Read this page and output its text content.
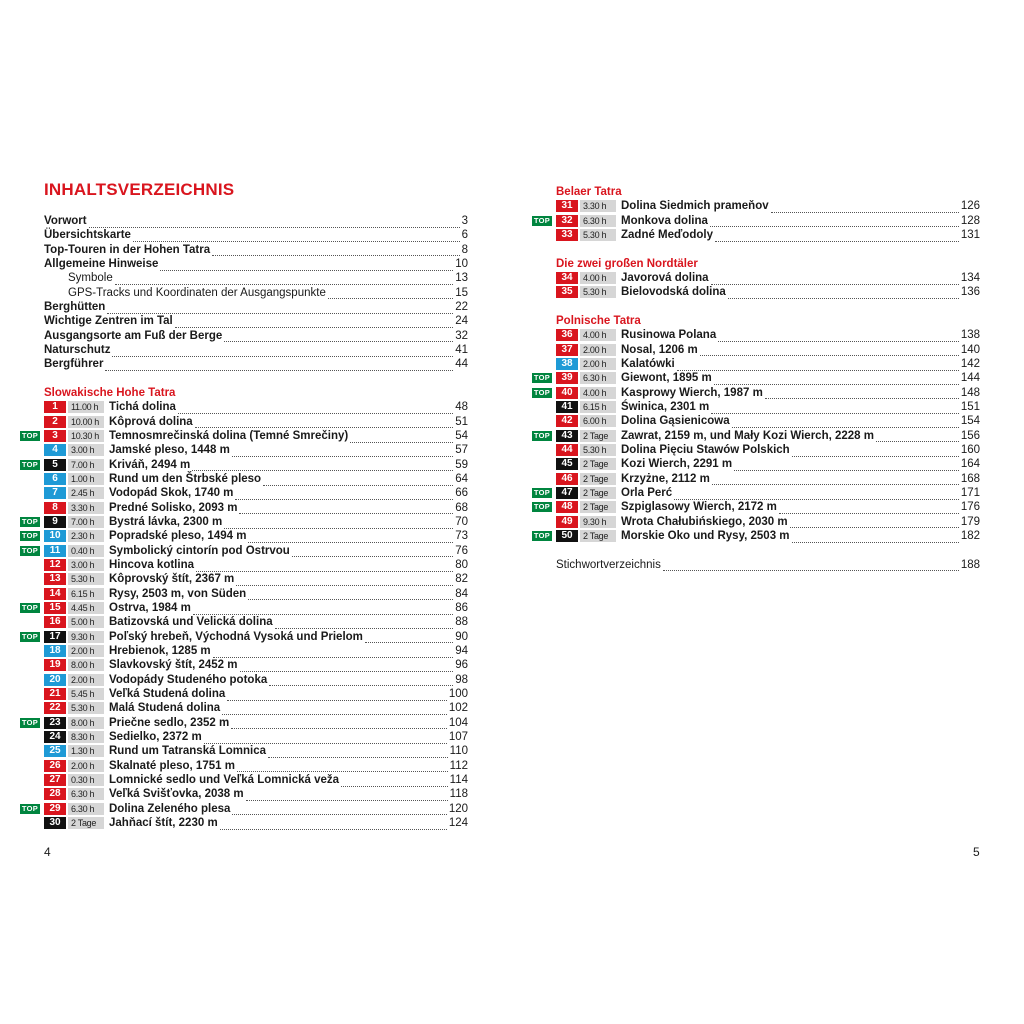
INHALTSVERZEICHNIS
Vorwort	3
Übersichtskarte	6
Top-Touren in der Hohen Tatra	8
Allgemeine Hinweise	10
Symbole	13
GPS-Tracks und Koordinaten der Ausgangspunkte	15
Berghütten	22
Wichtige Zentren im Tal	24
Ausgangsorte am Fuß der Berge	32
Naturschutz	41
Bergführer	44
Slowakische Hohe Tatra
1	11.00 h Tichá dolina	48
2	10.00 h Kôprová dolina	51
TOP	3	10.30 h Temnosmrečinská dolina (Temné Smrečiny)	54
4	3.00 h	Jamské pleso, 1448 m	57
TOP	5	7.00 h	Kriváň, 2494 m	59
6	1.00 h	Rund um den Štrbské pleso	64
7	2.45 h	Vodopád Skok, 1740 m	66
8	3.30 h	Predné Solisko, 2093 m	68
TOP	9	7.00 h	Bystrá lávka, 2300 m	70
TOP	10	2.30 h	Popradské pleso, 1494 m	73
TOP	11	0.40 h	Symbolický cintorín pod Ostrvou	76
12	3.00 h	Hincova kotlina	80
13	5.30 h	Kôprovský štít, 2367 m	82
14	6.15 h	Rysy, 2503 m, von Süden	84
TOP	15	4.45 h	Ostrva, 1984 m	86
16	5.00 h	Batizovská und Velická dolina	88
TOP	17	9.30 h	Poľský hrebeň, Východná Vysoká und Prielom	90
18	2.00 h	Hrebienok, 1285 m	94
19	8.00 h	Slavkovský štít, 2452 m	96
20	2.00 h	Vodopády Studeného potoka	98
21	5.45 h	Veľká Studená dolina	100
22	5.30 h	Malá Studená dolina	102
TOP	23	8.00 h	Priečne sedlo, 2352 m	104
24	8.30 h	Sedielko, 2372 m	107
25	1.30 h	Rund um Tatranská Lomnica	110
26	2.00 h	Skalnaté pleso, 1751 m	112
27	0.30 h	Lomnické sedlo und Veľká Lomnická veža	114
28	6.30 h	Veľká Svišťovka, 2038 m	118
TOP	29	6.30 h	Dolina Zeleného plesa	120
30	2 Tage	Jahňací štít, 2230 m	124
4
Belaer Tatra
31	3.30 h	Dolina Siedmich prameňov	126
TOP	32	6.30 h	Monkova dolina	128
33	5.30 h	Zadné Meďodoly	131
Die zwei großen Nordtäler
34	4.00 h	Javorová dolina	134
35	5.30 h	Bielovodská dolina	136
Polnische Tatra
36	4.00 h	Rusinowa Polana	138
37	2.00 h	Nosal, 1206 m	140
38	2.00 h	Kalatówki	142
TOP	39	6.30 h	Giewont, 1895 m	144
TOP	40	4.00 h	Kasprowy Wierch, 1987 m	148
41	6.15 h	Świnica, 2301 m	151
42	6.00 h	Dolina Gąsienicowa	154
TOP	43	2 Tage	Zawrat, 2159 m, und Mały Kozi Wierch, 2228 m	156
44	5.30 h	Dolina Pięciu Stawów Polskich	160
45	2 Tage	Kozi Wierch, 2291 m	164
46	2 Tage	Krzyżne, 2112 m	168
TOP	47	2 Tage	Orla Perć	171
TOP	48	2 Tage	Szpiglasowy Wierch, 2172 m	176
49	9.30 h	Wrota Chałubińskiego, 2030 m	179
TOP	50	2 Tage	Morskie Oko und Rysy, 2503 m	182
Stichwortverzeichnis	188
5
